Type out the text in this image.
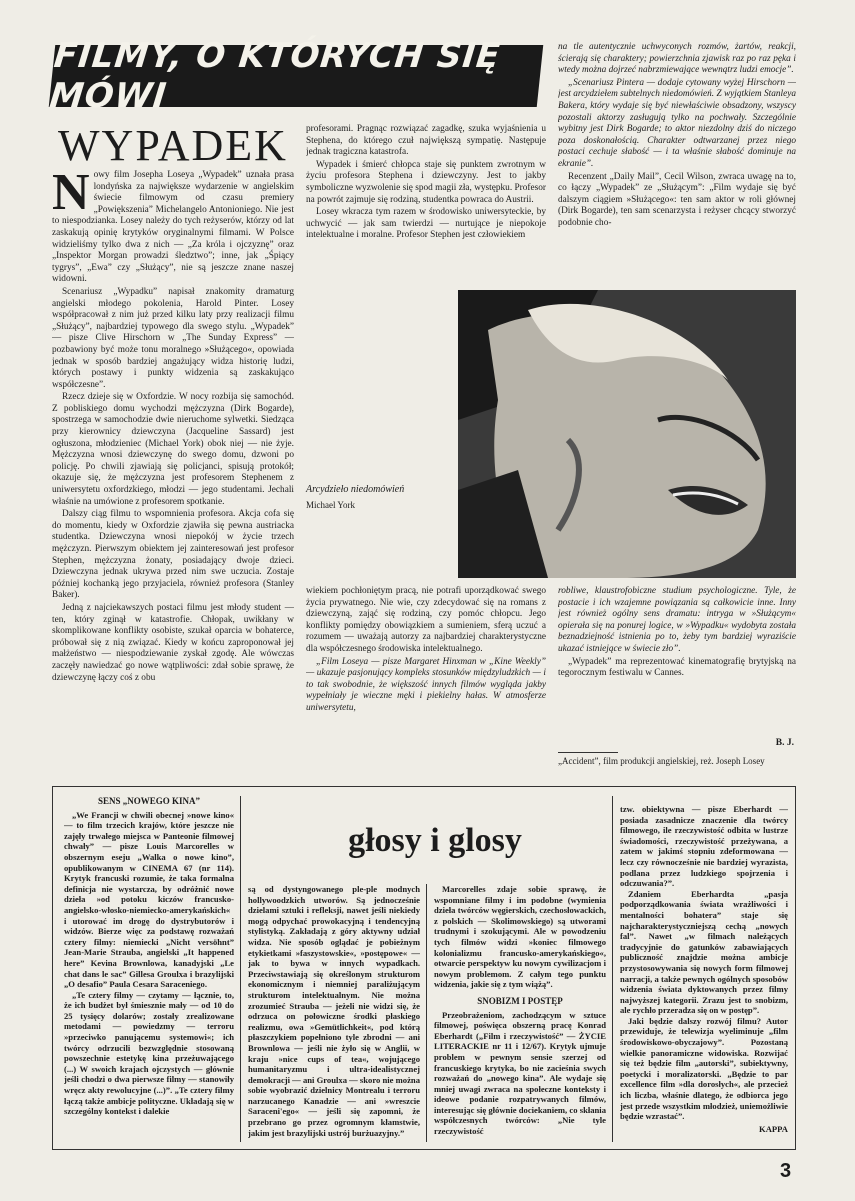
FILMY, O KTÓRYCH SIĘ MÓWI
WYPADEK

Nowy film Josepha Loseya „Wypadek” uznała prasa londyńska za największe wydarzenie w angielskim świecie filmowym od czasu premiery „Powiększenia” Michelangelo Antonioniego. Nie jest to niespodzianka. Losey należy do tych reżyserów, którzy od lat zaskakują opinię krytyków oryginalnymi filmami. W Polsce widzieliśmy tylko dwa z nich — „Za króla i ojczyznę” oraz „Inspektor Morgan prowadzi śledztwo”; inne, jak „Śpiący tygrys”, „Ewa” czy „Służący”, nie są jeszcze znane naszej widowni.

Scenariusz „Wypadku” napisał znakomity dramaturg angielski młodego pokolenia, Harold Pinter. Losey współpracował z nim już przed kilku laty przy realizacji filmu „Służący”, najbardziej typowego dla swego stylu. „Wypadek” — pisze Clive Hirschorn w „The Sunday Express” — pozbawiony być może tonu moralnego »Służącego«, opowiada jednak w sposób bardziej angażujący widza historię ludzi, których postawy i punkty widzenia są zaskakująco współczesne”.

Rzecz dzieje się w Oxfordzie. W nocy rozbija się samochód. Z pobliskiego domu wychodzi mężczyzna (Dirk Bogarde), spostrzega w samochodzie dwie nieruchome sylwetki. Siedząca przy kierownicy dziewczyna (Jacqueline Sassard) jest ogłuszona, młodzieniec (Michael York) obok niej — nie żyje. Mężczyzna wnosi dziewczynę do swego domu, dzwoni po policję. Po chwili zjawiają się policjanci, spisują protokół; okazuje się, że mężczyzna jest profesorem Stephenem z uniwersytetu oxfordzkiego, młodzi — jego studentami. Jechali właśnie na umówione z profesorem spotkanie.

Dalszy ciąg filmu to wspomnienia profesora. Akcja cofa się do momentu, kiedy w Oxfordzie zjawiła się pewna austriacka studentka. Dziewczyna wnosi niepokój w życie trzech mężczyzn. Pierwszym obiektem jej zainteresowań jest profesor Stephen, mężczyzna żonaty, posiadający dwoje dzieci. Dziewczyna jednak ukrywa przed nim swe uczucia. Zostaje później kochanką jego przyjaciela, również profesora (Stanley Baker).

Jedną z najciekawszych postaci filmu jest młody student — ten, który zginął w katastrofie. Chłopak, uwikłany w skomplikowane konflikty osobiste, szukał oparcia w bohaterce, próbował się z nią związać. Kiedy w końcu zaproponował jej małżeństwo — niespodziewanie zyskał zgodę. Ale wówczas zaczęły nawiedzać go nowe wątpliwości: zdał sobie sprawę, że dziewczynę łączy coś z obu

profesorami. Pragnąc rozwiązać zagadkę, szuka wyjaśnienia u Stephena, do którego czuł największą sympatię. Następuje jednak tragiczna katastrofa.

Wypadek i śmierć chłopca staje się punktem zwrotnym w życiu profesora Stephena i dziewczyny. Jest to jakby symboliczne wyzwolenie się spod magii zła, występku. Profesor na powrót zajmuje się rodziną, studentka powraca do Austrii.

Losey wkracza tym razem w środowisko uniwersyteckie, by uchwycić — jak sam twierdzi — nurtujące je niepokoje intelektualne i moralne. Profesor Stephen jest człowiekiem

na tle autentycznie uchwyconych rozmów, żartów, reakcji, ścierają się charaktery; powierzchnia zjawisk raz po raz pęka i wtedy można dojrzeć nabrzmiewające wewnątrz ludzi emocje”.

„Scenariusz Pintera — dodaje cytowany wyżej Hirschorn — jest arcydziełem subtelnych niedomówień. Z wyjątkiem Stanleya Bakera, który wydaje się być niewłaściwie obsadzony, wszyscy pozostali aktorzy zasługują tylko na pochwały. Szczególnie wybitny jest Dirk Bogarde; to aktor niezdolny dziś do niczego poza doskonałością. Charakter odtwarzanej przez niego postaci cechuje słabość — i ta właśnie słabość dominuje na ekranie”.

Recenzent „Daily Mail”, Cecil Wilson, zwraca uwagę na to, co łączy „Wypadek” ze „Służącym”: „Film wydaje się być dalszym ciągiem »Służącego«: ten sam aktor w roli głównej (Dirk Bogarde), ten sam scenarzysta i reżyser chcący stworzyć podobnie cho-

Arcydzieło niedomówień
Michael York

wiekiem pochłoniętym pracą, nie potrafi uporządkować swego życia prywatnego. Nie wie, czy zdecydować się na romans z dziewczyną, zająć się rodziną, czy pomóc chłopcu. Jego konflikty pomiędzy obowiązkiem a sumieniem, sferą uczuć a rozumem — uważają autorzy za najbardziej charakterystyczne dla współczesnego środowiska intelektualnego.

„Film Loseya — pisze Margaret Hinxman w „Kine Weekly” — ukazuje pasjonujący kompleks stosunków międzyludzkich — i to tak swobodnie, że większość innych filmów wygląda jakby wypełniały je wieczne męki i piekielny hałas. W atmosferze uniwersytetu,

robliwe, klaustrofobiczne studium psychologiczne. Tyle, że postacie i ich wzajemne powiązania są całkowicie inne. Inny jest również ogólny sens dramatu: intryga w »Służącym« opierała się na ponurej logice, w »Wypadku« wydobyta została beznadziejność istnienia po to, żeby tym bardziej wyraziście ukazać istniejące w świecie zło”.

„Wypadek” ma reprezentować kinematografię brytyjską na tegorocznym festiwalu w Cannes.

B. J.
„Accident”, film produkcji angielskiej, reż. Joseph Losey
SENS „NOWEGO KINA”

„We Francji w chwili obecnej »nowe kino« — to film trzecich krajów, które jeszcze nie zajęły trwałego miejsca w Panteonie filmowej chwały” — pisze Louis Marcorelles w obszernym eseju „Walka o nowe kino”, opublikowanym w CINEMA 67 (nr 114). Krytyk francuski rozumie, że taka formalna definicja nie wystarcza, by odróżnić nowe dzieła »od potoku kiczów francusko-angielsko-włosko-niemiecko-amerykańskich« i utorować im drogę do dystrybutorów i widzów. Bierze więc za podstawę rozważań cztery filmy: niemiecki „Nicht versöhnt” Jean-Marie Strauba, angielski „It happened here” Kevina Brownlowa, kanadyjski „Le chat dans le sac” Gillesa Groulxa i brazylijski „O desafio” Paula Cesara Saraceniego.

„Te cztery filmy — czytamy — łącznie, to, że ich budżet był śmiesznie mały — od 10 do 25 tysięcy dolarów; zostały zrealizowane metodami — powiedzmy — terroru »przeciwko panującemu systemowi«; ich twórcy odrzucili bezwzględnie stosowaną powszechnie estetykę kina przeżuwającego (...) W swoich krajach ojczystych — głównie jeśli chodzi o dwa pierwsze filmy — stanowiły wręcz akty rewolucyjne (...)”. „Te cztery filmy łączą także ambicje polityczne. Układają się w szczególny kontekst i dalekie

głosy i glosy

są od dystyngowanego ple-ple modnych hollywoodzkich utworów. Są jednocześnie dzielami sztuki i refleksji, nawet jeśli niekiedy mogą odpychać prowokacyjną i tendencyjną stylistyką. Zakładają z góry aktywny udział widza. Nie sposób oglądać je pobieżnym etykietkami »faszystowskie«, »postępowe« — jak to bywa w innych wypadkach. Przeciwstawiają się określonym strukturom ekonomicznym i niemniej paraliżującym strukturom intelektualnym. Nie można zrozumieć Strauba — jeżeli nie widzi się, że odrzuca on połowiczne środki płaskiego realizmu, owa »Gemütlichkeit«, pod którą płaszczykiem popełniono tyle zbrodni — ani Brownlowa — jeśli nie żyło się w Anglii, w kraju »nice cups of tea«, wojującego humanitaryzmu i ultra-idealistycznej demokracji — ani Groulxa — skoro nie można sobie wyobrazić dzielnicy Montrealu i terroru narzucanego Kanadzie — ani »wreszcie Saraceni'ego« — jeśli się zapomni, że przebrano go przez ogromnym kłamstwie, jakim jest brazylijski ustrój burżuazyjny.”

Marcorelles zdaje sobie sprawę, że wspomniane filmy i im podobne (wymienia dzieła twórców węgierskich, czechosłowackich, z polskich — Skolimowskiego) są utworami trudnymi i szokującymi. Ale w powodzeniu tych filmów widzi »koniec filmowego kolonializmu francusko-amerykańskiego«, otwarcie perspektyw ku nowym cywilizacjom i nowym problemom. Z całym tego punktu widzenia, jakie się z tym wiążą”.

SNOBIZM I POSTĘP

Przeobrażeniom, zachodzącym w sztuce filmowej, poświęca obszerną pracę Konrad Eberhardt („Film i rzeczywistość” — ŻYCIE LITERACKIE nr 11 i 12/67). Krytyk ujmuje problem w pewnym sensie szerzej od francuskiego krytyka, bo nie zacieśnia swych rozważań do „nowego kina”. Ale wydaje się mniej uwagi zwraca na społeczne konteksty i ideowe podanie rozpatrywanych filmów, interesując się głównie dociekaniem, co skłania współczesnych twórców: „Nie tyle rzeczywistość

tzw. obiektywna — pisze Eberhardt — posiada zasadnicze znaczenie dla twórcy filmowego, ile rzeczywistość odbita w lustrze świadomości, rzeczywistość przeżywana, a zatem w jakimś stopniu zdeformowana — lecz czy równocześnie nie bardziej wyrazista, podlana przez ludzkiego spojrzenia i odczuwania?”.

Zdaniem Eberhardta „pasja podporządkowania świata wrażliwości i mentalności bohatera” staje się najcharakterystyczniejszą cechą „nowych fal”. Nawet „w filmach należących tradycyjnie do gatunków zabawiających publiczność znajdzie można ambicje przystosowywania się nowych form filmowej narracji, a także pewnych ogólnych sposobów widzenia świata dyktowanych przez filmy najwyższej kategorii. Zrazu jest to snobizm, ale rychło przeradza się on w postęp”.

Jaki będzie dalszy rozwój filmu? Autor przewiduje, że telewizja wyeliminuje „film środowiskowo-obyczajowy”. Pozostaną wielkie panoramiczne widowiska. Rozwijać się też będzie film „autorski”, subiektywny, poetycki i moralizatorski. „Będzie to par excellence film »dla dorosłych«, ale przecież ich liczba, właśnie dlatego, że odbiorca jego jest przede wszystkim młodzież, uniemożliwie będzie wzrastać”.

KAPPA
3
